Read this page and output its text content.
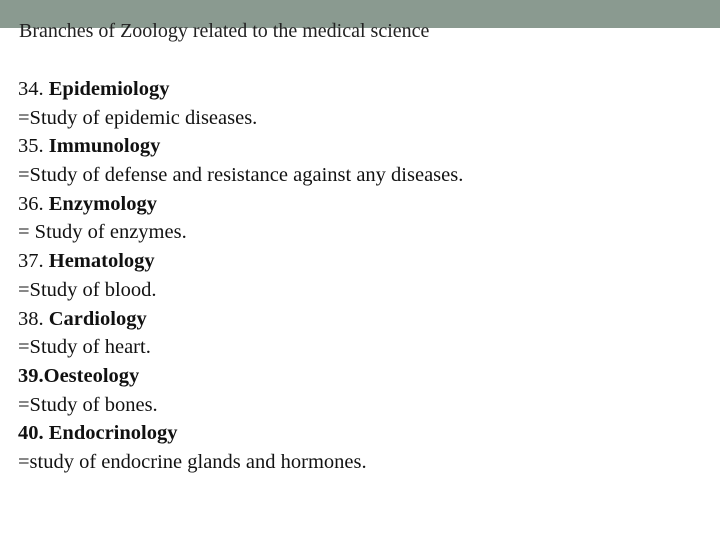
Branches of Zoology related to the medical science
34. Epidemiology
=Study of epidemic diseases.
35. Immunology
=Study of defense and resistance against any diseases.
36. Enzymology
= Study of enzymes.
37. Hematology
=Study of blood.
38. Cardiology
=Study of heart.
39.Oesteology
=Study of bones.
40. Endocrinology
=study of endocrine glands and hormones.
